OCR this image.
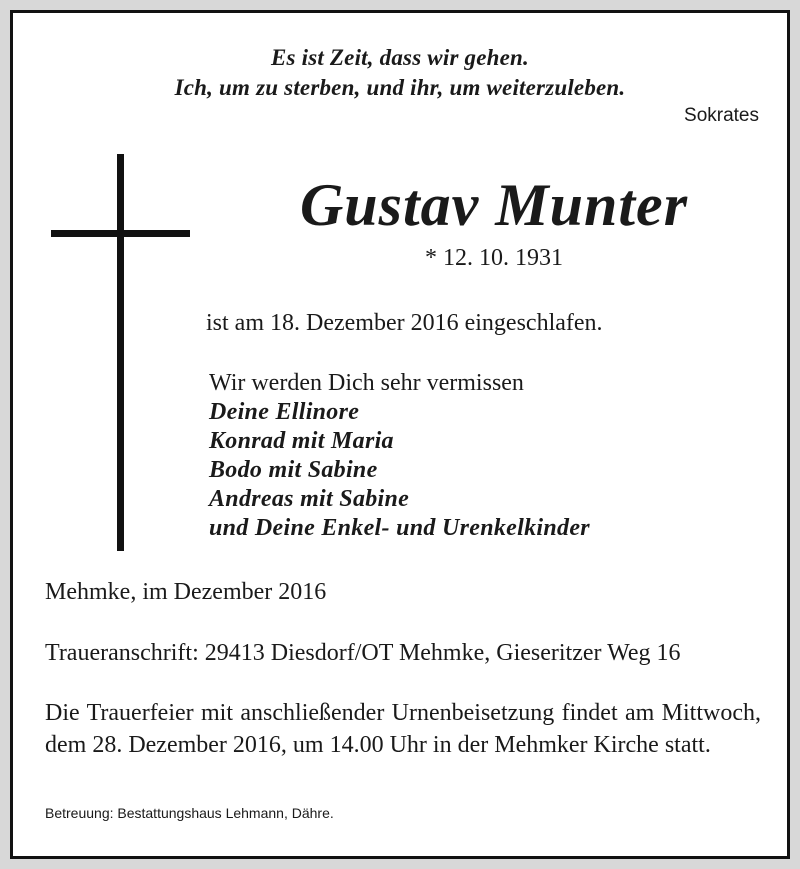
Es ist Zeit, dass wir gehen.
Ich, um zu sterben, und ihr, um weiterzuleben.
Sokrates
Gustav Munter
* 12. 10. 1931
ist am 18. Dezember 2016 eingeschlafen.
Wir werden Dich sehr vermissen
Deine Ellinore
Konrad mit Maria
Bodo mit Sabine
Andreas mit Sabine
und Deine Enkel- und Urenkelkinder
Mehmke, im Dezember 2016
Traueranschrift: 29413 Diesdorf/OT Mehmke, Gieseritzer Weg 16
Die Trauerfeier mit anschließender Urnenbeisetzung findet am Mittwoch, dem 28. Dezember 2016, um 14.00 Uhr in der Mehmker Kirche statt.
Betreuung: Bestattungshaus Lehmann, Dähre.
